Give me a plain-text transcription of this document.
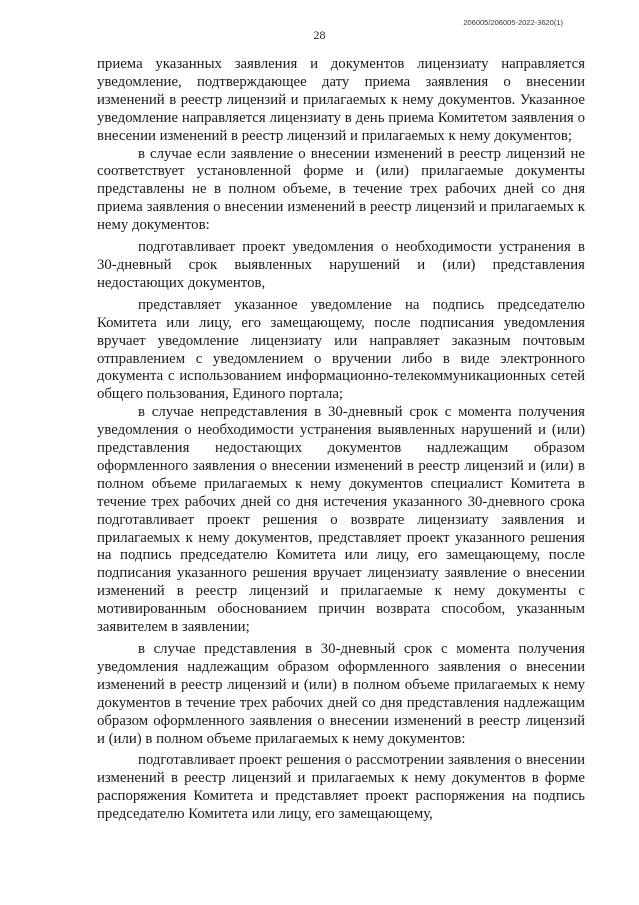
206005/206005-2022-3620(1)
28

приема указанных заявления и документов лицензиату направляется уведомление, подтверждающее дату приема заявления о внесении изменений в реестр лицензий и прилагаемых к нему документов. Указанное уведомление направляется лицензиату в день приема Комитетом заявления о внесении изменений в реестр лицензий и прилагаемых к нему документов;

в случае если заявление о внесении изменений в реестр лицензий не соответствует установленной форме и (или) прилагаемые документы представлены не в полном объеме, в течение трех рабочих дней со дня приема заявления о внесении изменений в реестр лицензий и прилагаемых к нему документов:

подготавливает проект уведомления о необходимости устранения в 30-дневный срок выявленных нарушений и (или) представления недостающих документов,

представляет указанное уведомление на подпись председателю Комитета или лицу, его замещающему, после подписания уведомления вручает уведомление лицензиату или направляет заказным почтовым отправлением с уведомлением о вручении либо в виде электронного документа с использованием информационно-телекоммуникационных сетей общего пользования, Единого портала;

в случае непредставления в 30-дневный срок с момента получения уведомления о необходимости устранения выявленных нарушений и (или) представления недостающих документов надлежащим образом оформленного заявления о внесении изменений в реестр лицензий и (или) в полном объеме прилагаемых к нему документов специалист Комитета в течение трех рабочих дней со дня истечения указанного 30-дневного срока подготавливает проект решения о возврате лицензиату заявления и прилагаемых к нему документов, представляет проект указанного решения на подпись председателю Комитета или лицу, его замещающему, после подписания указанного решения вручает лицензиату заявление о внесении изменений в реестр лицензий и прилагаемые к нему документы с мотивированным обоснованием причин возврата способом, указанным заявителем в заявлении;

в случае представления в 30-дневный срок с момента получения уведомления надлежащим образом оформленного заявления о внесении изменений в реестр лицензий и (или) в полном объеме прилагаемых к нему документов в течение трех рабочих дней со дня представления надлежащим образом оформленного заявления о внесении изменений в реестр лицензий и (или) в полном объеме прилагаемых к нему документов:

подготавливает проект решения о рассмотрении заявления о внесении изменений в реестр лицензий и прилагаемых к нему документов в форме распоряжения Комитета и представляет проект распоряжения на подпись председателю Комитета или лицу, его замещающему,
